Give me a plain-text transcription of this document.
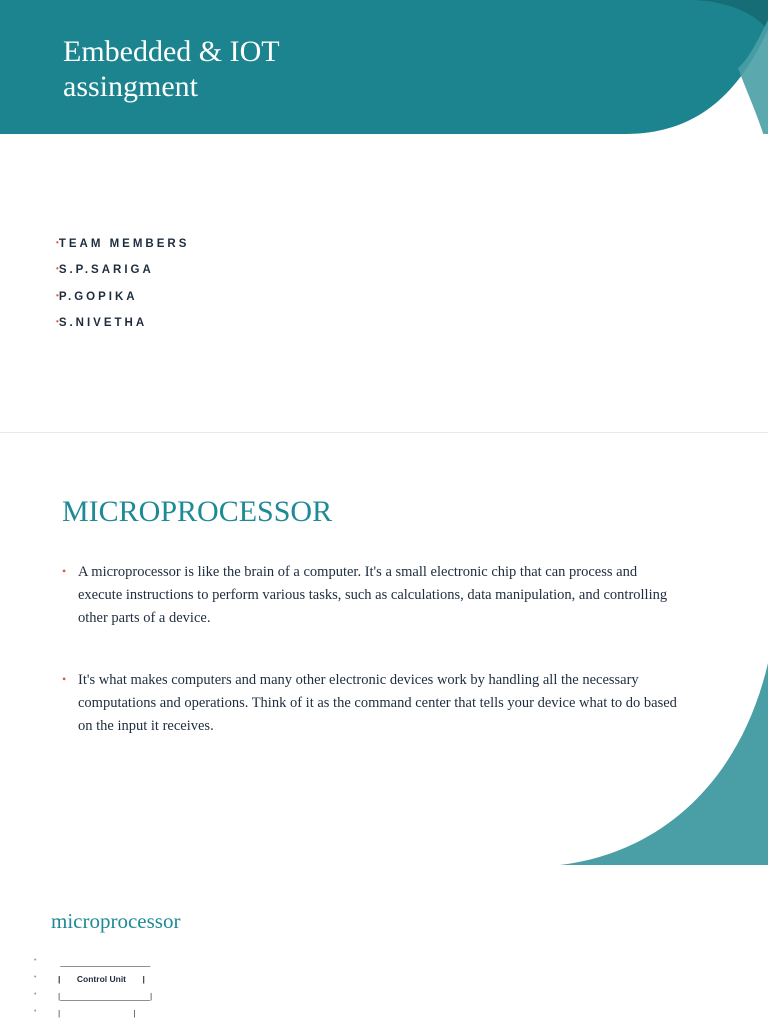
Embedded & IOT
assingment
•TEAM MEMBERS
•S.P.SARIGA
•P.GOPIKA
•S.NIVETHA
MICROPROCESSOR
• A microprocessor is like the brain of a computer. It's a small electronic chip that can process and execute instructions to perform various tasks, such as calculations, data manipulation, and controlling other parts of a device.
• It's what makes computers and many other electronic devices work by handling all the necessary computations and operations. Think of it as the command center that tells your device what to do based on the input it receives.
microprocessor
•	___________________
•	|       Control Unit       |
•	|___________________|
•	|                               |
